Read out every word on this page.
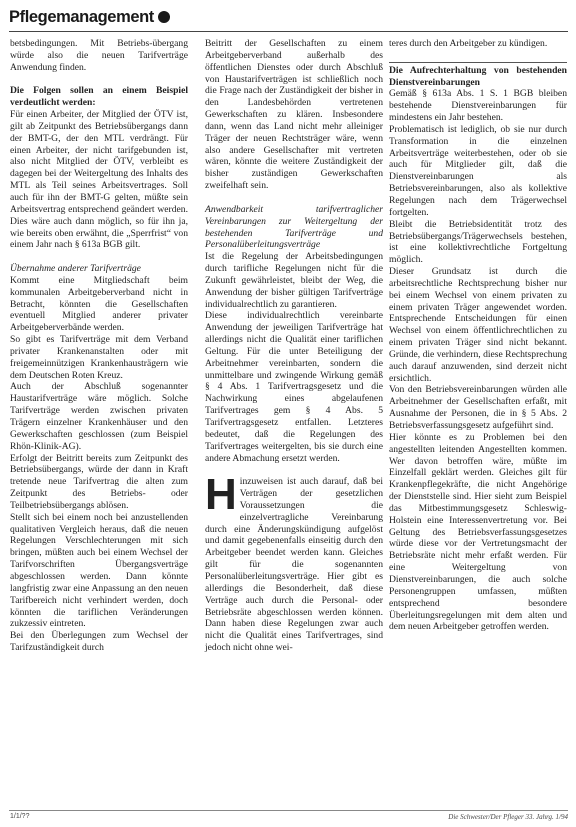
Pflegemanagement

betsbedingungen. Mit Betriebs-übergang würde also die neuen Tarifverträge Anwendung finden.

Die Folgen sollen an einem Beispiel verdeutlicht werden:

Für einen Arbeiter, der Mitglied der ÖTV ist, gilt ab Zeitpunkt des Betriebsübergangs dann der BMT-G, der den MTL verdrängt. Für einen Arbeiter, der nicht tarifgebunden ist, also nicht Mitglied der ÖTV, verbleibt es dagegen bei der Weitergeltung des Inhalts des MTL als Teil seines Arbeitsvertrages. Soll auch für ihn der BMT-G gelten, müßte sein Arbeitsvertrag entsprechend geändert werden. Dies wäre auch dann möglich, so für ihn ja, wie bereits oben erwähnt, die „Sperrfrist“ von einem Jahr nach § 613a BGB gilt.

Übernahme anderer Tarifverträge

Kommt eine Mitgliedschaft beim kommunalen Arbeitgeberverband nicht in Betracht, könnten die Gesellschaften eventuell Mitglied anderer privater Arbeitgeberverbände werden.

So gibt es Tarifverträge mit dem Verband privater Krankenanstalten oder mit freigemeinnützigen Krankenhausträgern wie dem Deutschen Roten Kreuz.

Auch der Abschluß sogenannter Haustarifverträge wäre möglich. Solche Tarifverträge werden zwischen privaten Trägern einzelner Krankenhäuser und den Gewerkschaften geschlossen (zum Beispiel Rhön-Klinik-AG).

Erfolgt der Beitritt bereits zum Zeitpunkt des Betriebsübergangs, würde der dann in Kraft tretende neue Tarifvertrag die alten zum Zeitpunkt des Betriebs- oder Teilbetriebsübergangs ablösen.

Stellt sich bei einem noch bei anzustellenden qualitativen Vergleich heraus, daß die neuen Regelungen Verschlechterungen mit sich bringen, müßten auch bei einem Wechsel der Tarifvorschriften Übergangsverträge abgeschlossen werden. Dann könnte langfristig zwar eine Anpassung an den neuen Tarifbereich nicht verhindert werden, doch könnten die tariflichen Veränderungen zukzessiv eintreten.

Bei den Überlegungen zum Wechsel der Tarifzuständigkeit durch

Beitritt der Gesellschaften zu einem Arbeitgeberverband außerhalb des öffentlichen Dienstes oder durch Abschluß von Haustarifverträgen ist schließlich noch die Frage nach der Zuständigkeit der bisher in den Landesbehörden vertretenen Gewerkschaften zu klären. Insbesondere dann, wenn das Land nicht mehr alleiniger Träger der neuen Rechtsträger wäre, wenn also andere Gesellschafter mit vertreten wären, könnte die weitere Zuständigkeit der bisher zuständigen Gewerkschaften zweifelhaft sein.

Anwendbarkeit tarifvertraglicher Vereinbarungen zur Weitergeltung der bestehenden Tarifverträge und Personalüberleitungsverträge

Ist die Regelung der Arbeitsbedingungen durch tarifliche Regelungen nicht für die Zukunft gewährleistet, bleibt der Weg, die Anwendung der bisher gültigen Tarifverträge individualrechtlich zu garantieren.

Diese individualrechtlich vereinbarte Anwendung der jeweiligen Tarifverträge hat allerdings nicht die Qualität einer tariflichen Geltung. Für die unter Beteiligung der Arbeitnehmer vereinbarten, sondern die unmittelbare und zwingende Wirkung gemäß § 4 Abs. 1 Tarifvertragsgesetz und die Nachwirkung eines abgelaufenen Tarifvertrages gem § 4 Abs. 5 Tarifvertragsgesetz entfallen. Letzteres bedeutet, daß die Regelungen des Tarifvertrages weitergelten, bis sie durch eine andere Abmachung ersetzt werden.

Hinzuweisen ist auch darauf, daß bei Verträgen der gesetzlichen Voraussetzungen die einzelvertragliche Vereinbarung durch eine Änderungskündigung aufgelöst und damit gegebenenfalls einseitig durch den Arbeitgeber beendet werden kann. Gleiches gilt für die sogenannten Personalüberleitungsverträge. Hier gibt es allerdings die Besonderheit, daß diese Verträge auch durch die Personal- oder Betriebsräte abgeschlossen werden können. Dann haben diese Regelungen zwar auch nicht die Qualität eines Tarifvertrages, sind jedoch nicht ohne wei-

teres durch den Arbeitgeber zu kündigen.

Die Aufrechterhaltung von bestehenden Dienstvereinbarungen

Gemäß § 613a Abs. 1 S. 1 BGB bleiben bestehende Dienstvereinbarungen für mindestens ein Jahr bestehen.

Problematisch ist lediglich, ob sie nur durch Transformation in die einzelnen Arbeitsverträge weiterbestehen, oder ob sie auch für Mitglieder gilt, daß die Dienstvereinbarungen als Betriebsvereinbarungen, also als kollektive Regelungen nach dem Trägerwechsel fortgelten.

Bleibt die Betriebsidentität trotz des Betriebsübergangs/Trägerwechsels bestehen, ist eine kollektivrechtliche Fortgeltung möglich.

Dieser Grundsatz ist durch die arbeitsrechtliche Rechtsprechung bisher nur bei einem Wechsel von einem privaten zu einem privaten Träger angewendet worden. Entsprechende Entscheidungen für einen Wechsel von einem öffentlichrechtlichen zu einem privaten Träger sind nicht bekannt. Gründe, die verhindern, diese Rechtsprechung auch darauf anzuwenden, sind derzeit nicht ersichtlich.

Von den Betriebsvereinbarungen würden alle Arbeitnehmer der Gesellschaften erfaßt, mit Ausnahme der Personen, die in § 5 Abs. 2 Betriebsverfassungsgesetz aufgeführt sind.

Hier könnte es zu Problemen bei den angestellten leitenden Angestellten kommen. Wer davon betroffen wäre, müßte im Einzelfall geklärt werden. Gleiches gilt für Krankenpflegekräfte, die nicht Angehörige der Dienststelle sind. Hier sieht zum Beispiel das Mitbestimmungsgesetz Schleswig-Holstein eine Interessenvertretung vor. Bei Geltung des Betriebsverfassungsgesetzes würde diese vor der Vertretungsmacht der Betriebsräte nicht mehr erfaßt werden. Für eine Weitergeltung von Dienstvereinbarungen, die auch solche Personengruppen umfassen, müßten entsprechend besondere Überleitungsregelungen mit dem alten und dem neuen Arbeitgeber getroffen werden.

1/1/??	Die Schwester/Der Pfleger 33. Jahrg. 1/94
